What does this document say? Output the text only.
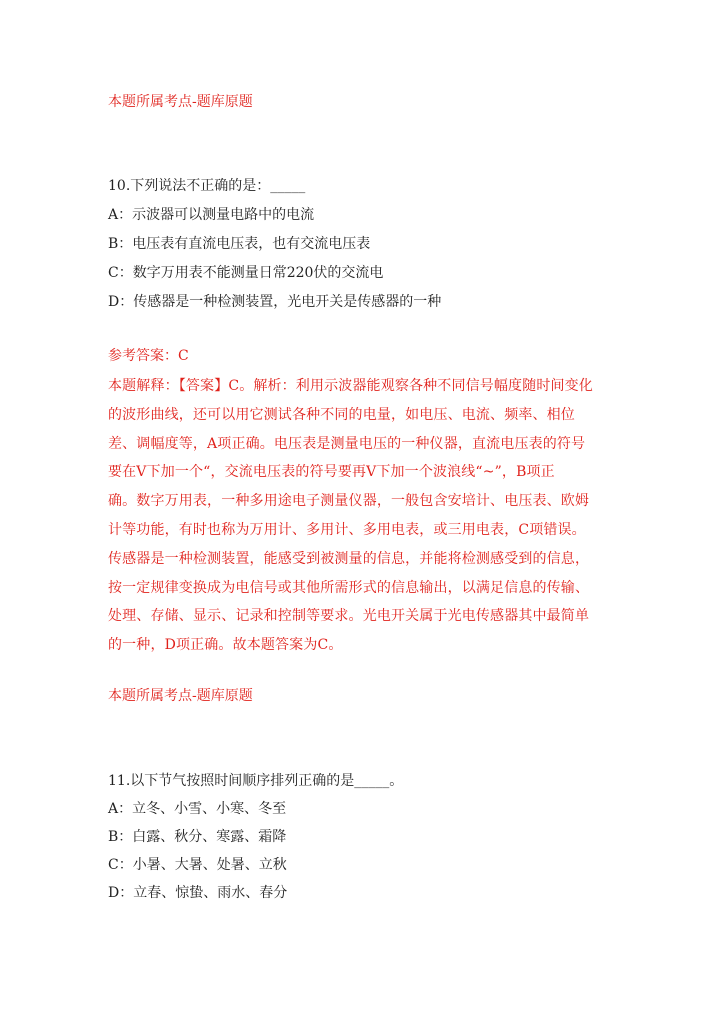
本题所属考点-题库原题
10.下列说法不正确的是：_____
A：示波器可以测量电路中的电流
B：电压表有直流电压表，也有交流电压表
C：数字万用表不能测量日常220伏的交流电
D：传感器是一种检测装置，光电开关是传感器的一种
参考答案：C
本题解释：【答案】C。解析：利用示波器能观察各种不同信号幅度随时间变化
的波形曲线，还可以用它测试各种不同的电量，如电压、电流、频率、相位
差、调幅度等，A项正确。电压表是测量电压的一种仪器，直流电压表的符号
要在V下加一个“，交流电压表的符号要再V下加一个波浪线“~”，B项正
确。数字万用表，一种多用途电子测量仪器，一般包含安培计、电压表、欧姆
计等功能，有时也称为万用计、多用计、多用电表，或三用电表，C项错误。
传感器是一种检测装置，能感受到被测量的信息，并能将检测感受到的信息，
按一定规律变换成为电信号或其他所需形式的信息输出，以满足信息的传输、
处理、存储、显示、记录和控制等要求。光电开关属于光电传感器其中最简单
的一种，D项正确。故本题答案为C。
本题所属考点-题库原题
11.以下节气按照时间顺序排列正确的是_____。
A：立冬、小雪、小寒、冬至
B：白露、秋分、寒露、霜降
C：小暑、大暑、处暑、立秋
D：立春、惊蛰、雨水、春分
